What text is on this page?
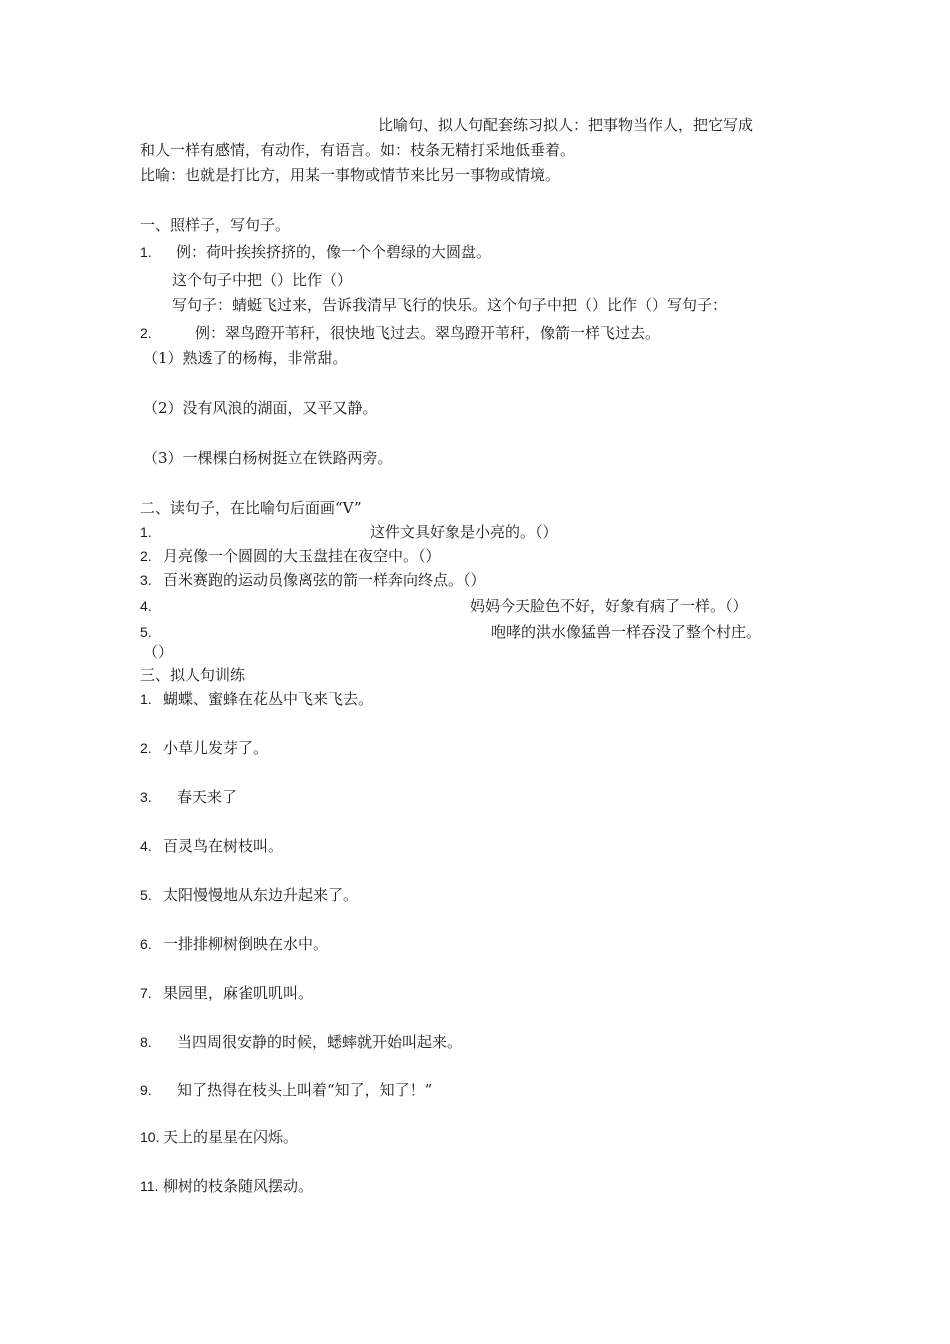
比喻句、拟人句配套练习拟人：把事物当作人，把它写成
和人一样有感情，有动作，有语言。如：枝条无精打采地低垂着。
比喻：也就是打比方，用某一事物或情节来比另一事物或情境。
一、照样子，写句子。
1. 例：荷叶挨挨挤挤的，像一个个碧绿的大圆盘。
这个句子中把（）比作（）
写句子：蜻蜓飞过来，告诉我清早飞行的快乐。这个句子中把（）比作（）写句子：
2.	例：翠鸟蹬开苇秆，很快地飞过去。翠鸟蹬开苇秆，像箭一样飞过去。
（1）熟透了的杨梅，非常甜。
（2）没有风浪的湖面，又平又静。
（3）一棵棵白杨树挺立在铁路两旁。
二、读句子，在比喻句后面画“V”
1.	这件文具好象是小亮的。（）
2. 月亮像一个圆圆的大玉盘挂在夜空中。（）
3. 百米赛跑的运动员像离弦的箭一样奔向终点。（）
4.	妈妈今天脸色不好，好象有病了一样。（）
5.	咆哮的洪水像猛兽一样吞没了整个村庄。
（）
三、拟人句训练
1. 蝴蝶、蜜蜂在花丛中飞来飞去。
2. 小草儿发芽了。
3. 春天来了
4. 百灵鸟在树枝叫。
5. 太阳慢慢地从东边升起来了。
6. 一排排柳树倒映在水中。
7. 果园里，麻雀叽叽叫。
8. 当四周很安静的时候，蟋蟀就开始叫起来。
9. 知了热得在枝头上叫着“知了，知了！”
10. 天上的星星在闪烁。
11. 柳树的枝条随风摆动。
